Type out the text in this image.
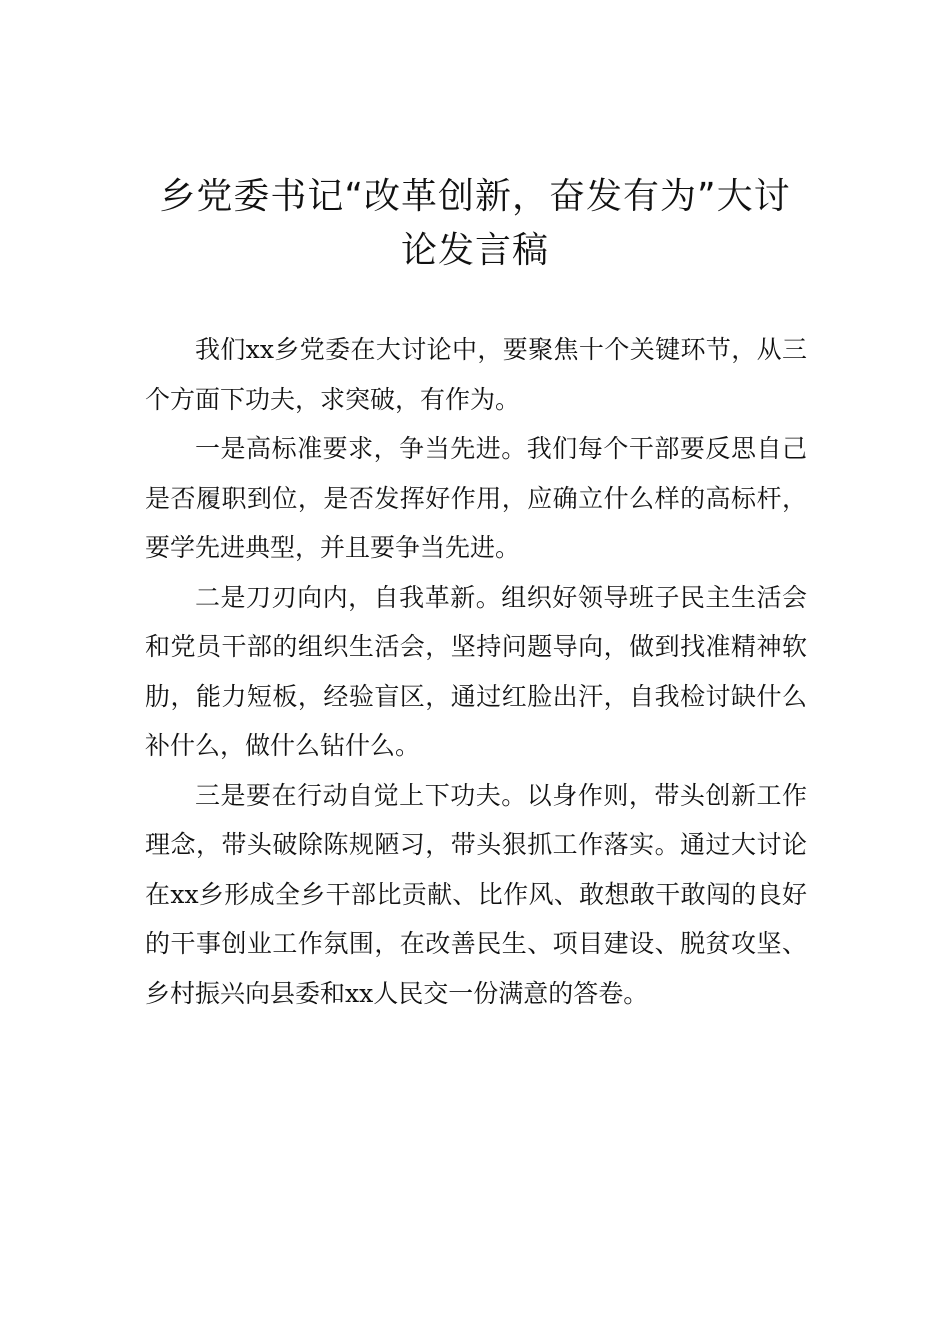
乡党委书记“改革创新，奋发有为”大讨
论发言稿

我们xx乡党委在大讨论中，要聚焦十个关键环节，从三个方面下功夫，求突破，有作为。

一是高标准要求，争当先进。我们每个干部要反思自己是否履职到位，是否发挥好作用，应确立什么样的高标杆，要学先进典型，并且要争当先进。

二是刀刃向内，自我革新。组织好领导班子民主生活会和党员干部的组织生活会，坚持问题导向，做到找准精神软肋，能力短板，经验盲区，通过红脸出汗，自我检讨缺什么补什么，做什么钻什么。

三是要在行动自觉上下功夫。以身作则，带头创新工作理念，带头破除陈规陋习，带头狠抓工作落实。通过大讨论在xx乡形成全乡干部比贡献、比作风、敢想敢干敢闯的良好的干事创业工作氛围，在改善民生、项目建设、脱贫攻坚、乡村振兴向县委和xx人民交一份满意的答卷。
